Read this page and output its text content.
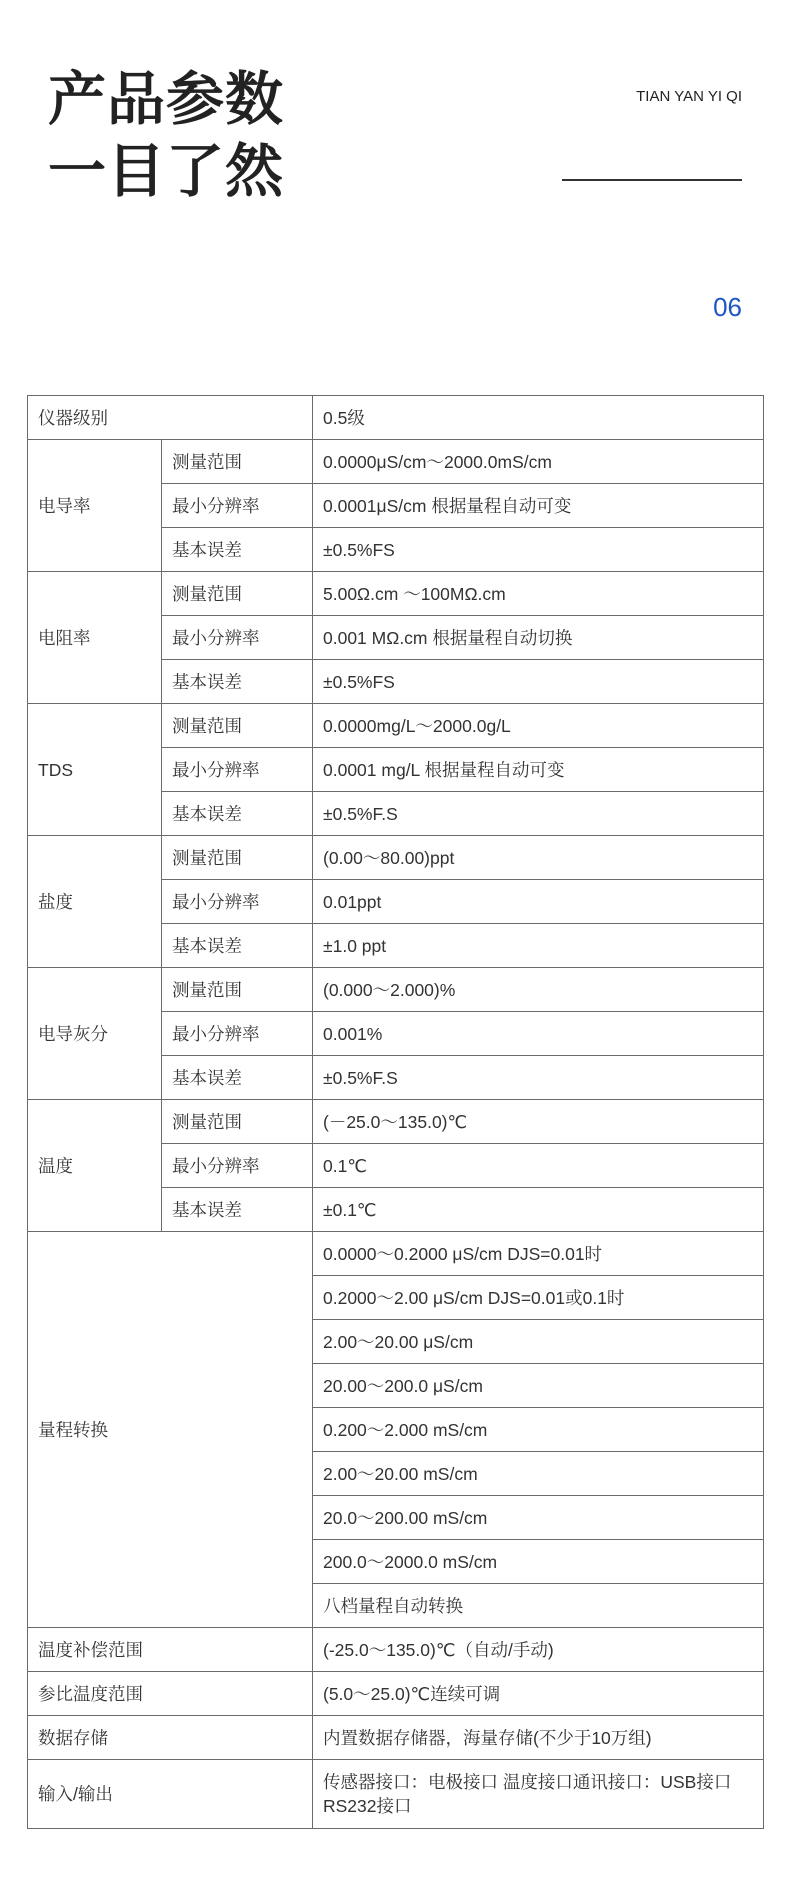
产品参数
一目了然
TIAN YAN YI QI
06
仪器级别		0.5级
电导率	测量范围	0.0000μS/cm～2000.0mS/cm
	最小分辨率	0.0001μS/cm 根据量程自动可变
	基本误差	±0.5%FS
电阻率	测量范围	5.00Ω.cm ～100MΩ.cm
	最小分辨率	0.001 MΩ.cm 根据量程自动切换
	基本误差	±0.5%FS
TDS	测量范围	0.0000mg/L～2000.0g/L
	最小分辨率	0.0001 mg/L 根据量程自动可变
	基本误差	±0.5%F.S
盐度	测量范围	(0.00～80.00)ppt
	最小分辨率	0.01ppt
	基本误差	±1.0 ppt
电导灰分	测量范围	(0.000～2.000)%
	最小分辨率	0.001%
	基本误差	±0.5%F.S
温度	测量范围	(－25.0～135.0)℃
	最小分辨率	0.1℃
	基本误差	±0.1℃
量程转换		0.0000～0.2000 μS/cm DJS=0.01时
		0.2000～2.00 μS/cm DJS=0.01或0.1时
		2.00～20.00 μS/cm
		20.00～200.0 μS/cm
		0.200～2.000 mS/cm
		2.00～20.00 mS/cm
		20.0～200.00 mS/cm
		200.0～2000.0 mS/cm
		八档量程自动转换
温度补偿范围		(-25.0～135.0)℃（自动/手动)
参比温度范围		(5.0～25.0)℃连续可调
数据存储		内置数据存储器，海量存储(不少于10万组)
输入/输出		传感器接口：电极接口 温度接口通讯接口：USB接口RS232接口
